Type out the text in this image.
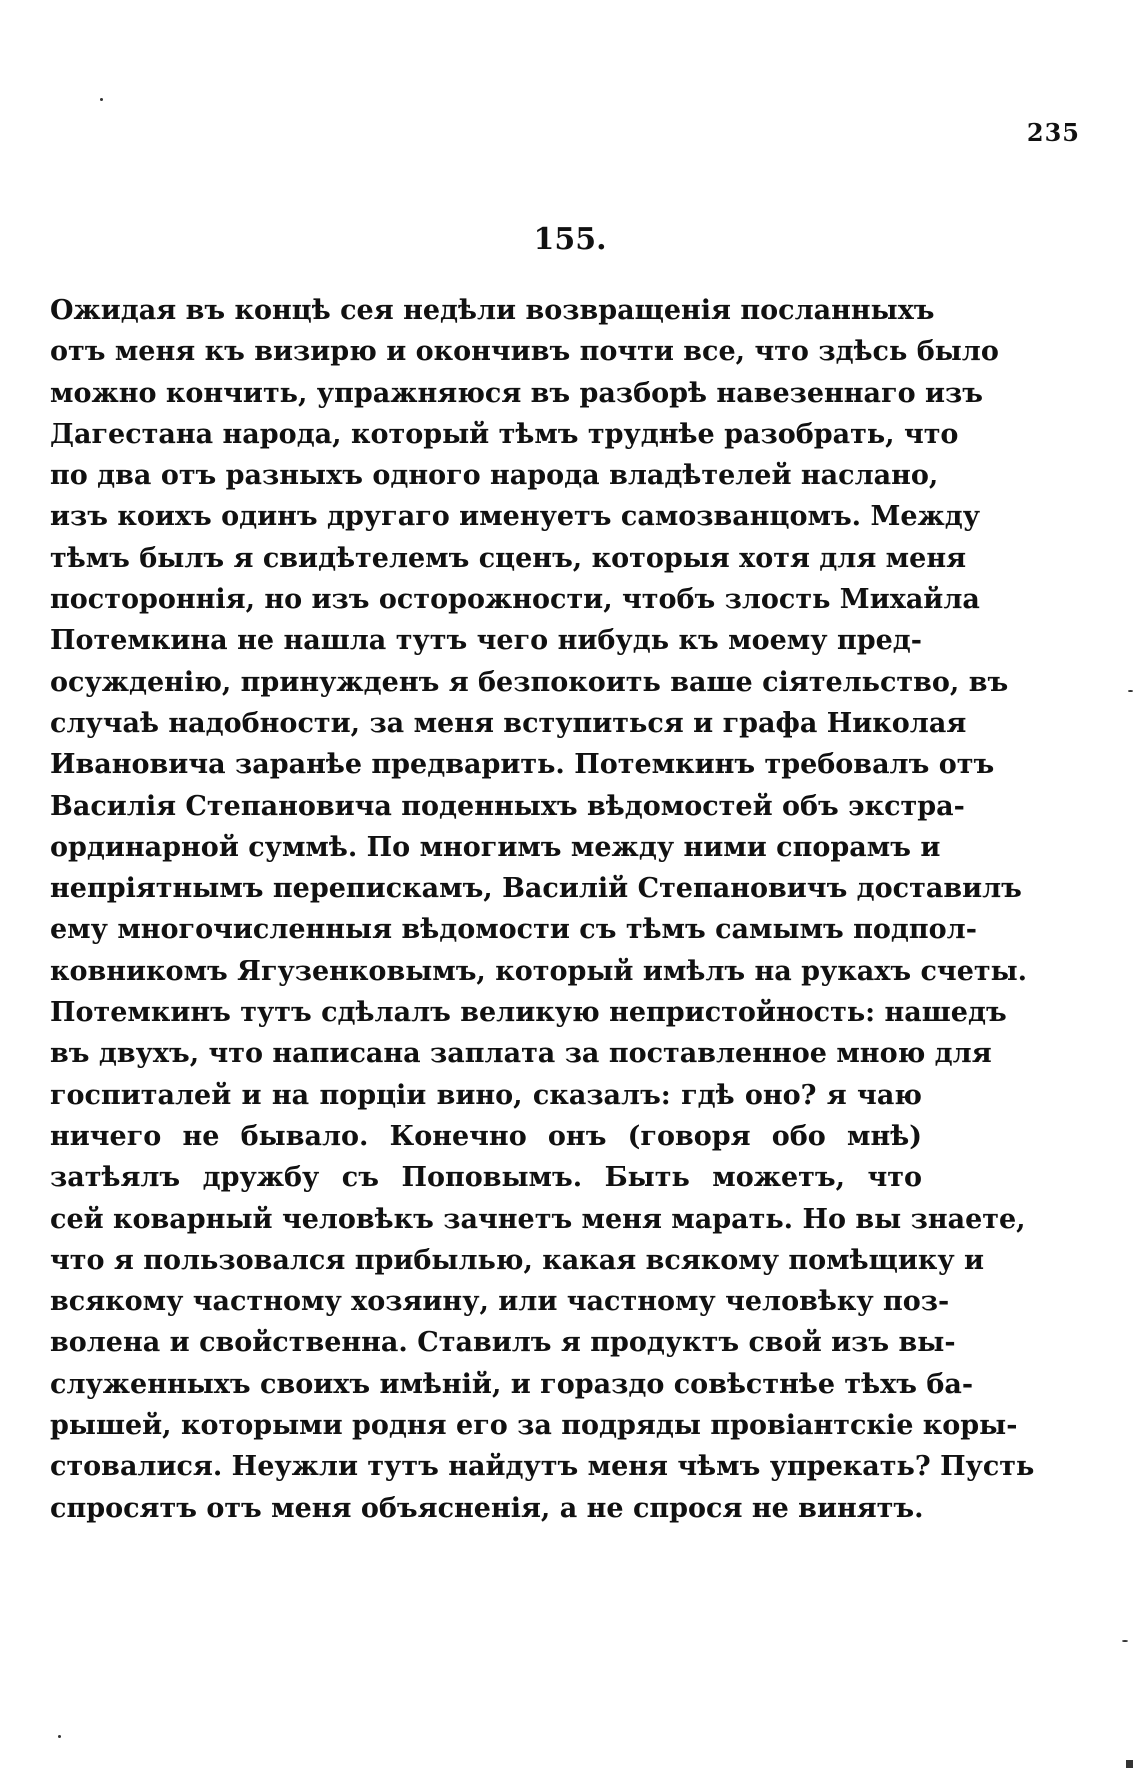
235
155.
Ожидая въ концѣ сея недѣли возвращенія посланныхъ
отъ меня къ визирю и окончивъ почти все, что здѣсь было
можно кончить, упражняюся въ разборѣ навезеннаго изъ
Дагестана народа, который тѣмъ труднѣе разобрать, что
по два отъ разныхъ одного народа владѣтелей наслано,
изъ коихъ одинъ другаго именуетъ самозванцомъ. Между
тѣмъ былъ я свидѣтелемъ сценъ, которыя хотя для меня
постороннія, но изъ осторожности, чтобъ злость Михайла
Потемкина не нашла тутъ чего нибудь къ моему пред-
осужденію, принужденъ я безпокоить ваше сіятельство, въ
случаѣ надобности, за меня вступиться и графа Николая
Ивановича заранѣе предварить. Потемкинъ требовалъ отъ
Василія Степановича поденныхъ вѣдомостей объ экстра-
ординарной суммѣ. По многимъ между ними спорамъ и
непріятнымъ перепискамъ, Василій Степановичъ доставилъ
ему многочисленныя вѣдомости съ тѣмъ самымъ подпол-
ковникомъ Ягузенковымъ, который имѣлъ на рукахъ счеты.
Потемкинъ тутъ сдѣлалъ великую непристойность: нашедъ
въ двухъ, что написана заплата за поставленное мною для
госпиталей и на порціи вино, сказалъ: гдѣ оно? я чаю
ничего не бывало. Конечно онъ (говоря обо мнѣ)
затѣялъ дружбу съ Поповымъ. Быть можетъ, что
сей коварный человѣкъ зачнетъ меня марать. Но вы знаете,
что я пользовался прибылью, какая всякому помѣщику и
всякому частному хозяину, или частному человѣку поз-
волена и свойственна. Ставилъ я продуктъ свой изъ вы-
служенныхъ своихъ имѣній, и гораздо совѣстнѣе тѣхъ ба-
рышей, которыми родня его за подряды провіантскіе коры-
стовалися. Неужли тутъ найдутъ меня чѣмъ упрекать? Пусть
спросятъ отъ меня объясненія, а не спрося не винятъ.
